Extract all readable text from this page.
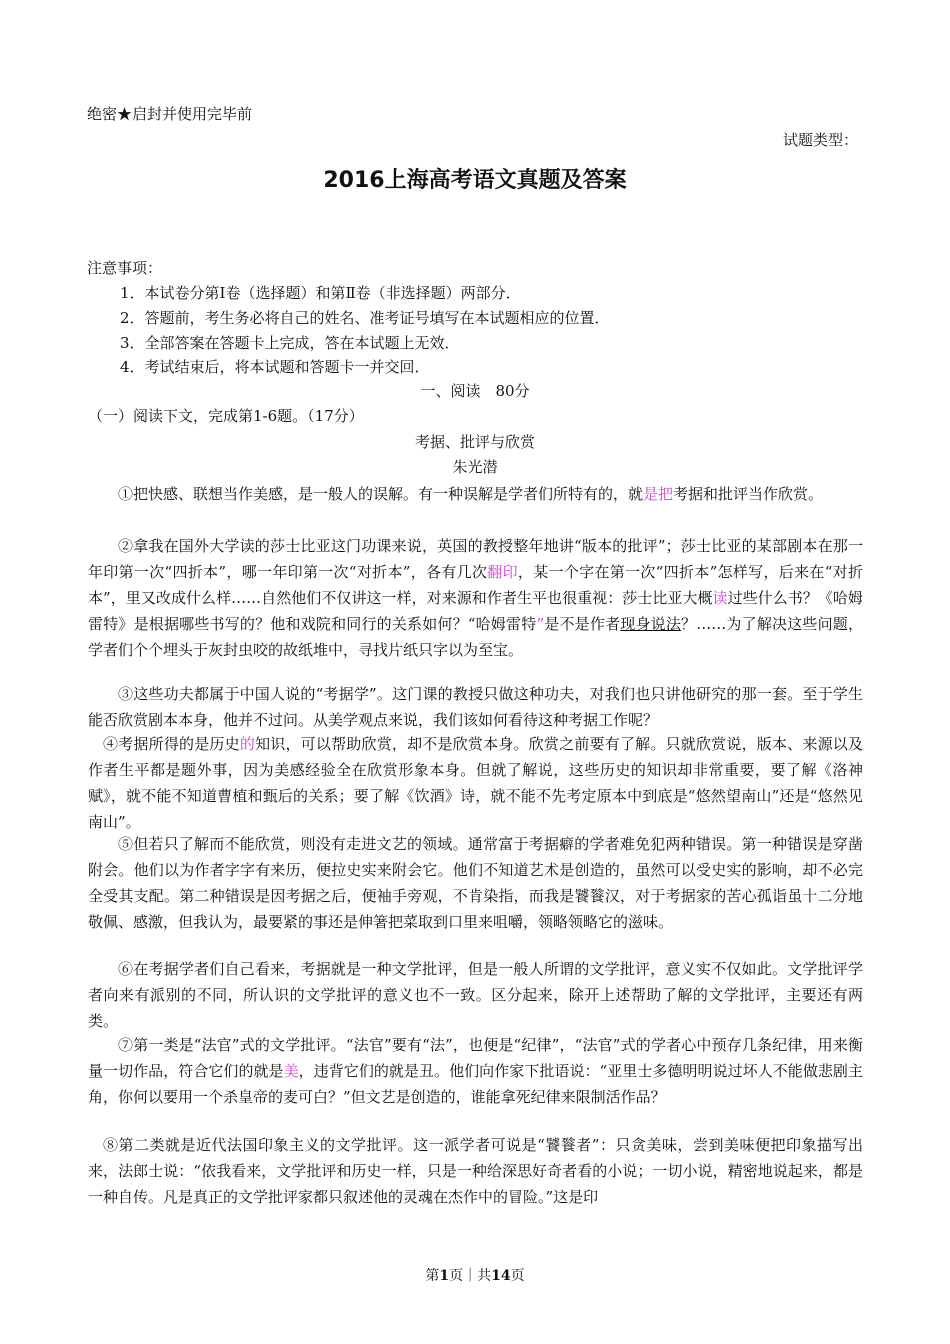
绝密★启封并使用完毕前
试题类型：
2016上海高考语文真题及答案
注意事项：
1．本试卷分第Ⅰ卷（选择题）和第Ⅱ卷（非选择题）两部分．
2．答题前，考生务必将自己的姓名、准考证号填写在本试题相应的位置．
3．全部答案在答题卡上完成，答在本试题上无效．
4．考试结束后，将本试题和答题卡一并交回．
一、阅读　80分
（一）阅读下文，完成第1-6题。（17分）
考据、批评与欣赏
朱光潜
①把快感、联想当作美感，是一般人的误解。有一种误解是学者们所特有的，就是把考据和批评当作欣赏。
②拿我在国外大学读的莎士比亚这门功课来说，英国的教授整年地讲“版本的批评”；莎士比亚的某部剧本在那一年印第一次“四折本”，哪一年印第一次“对折本”，各有几次翻印，某一个字在第一次“四折本”怎样写，后来在“对折本”，里又改成什么样……自然他们不仅讲这一样，对来源和作者生平也很重视：莎士比亚大概读过些什么书？《哈姆雷特》是根据哪些书写的？他和戏院和同行的关系如何？“哈姆雷特”是不是作者现身说法？……为了解决这些问题，学者们个个埋头于灰封虫咬的故纸堆中，寻找片纸只字以为至宝。
③这些功夫都属于中国人说的“考据学”。这门课的教授只做这种功夫，对我们也只讲他研究的那一套。至于学生能否欣赏剧本本身，他并不过问。从美学观点来说，我们该如何看待这种考据工作呢？
④考据所得的是历史的知识，可以帮助欣赏，却不是欣赏本身。欣赏之前要有了解。只就欣赏说，版本、来源以及作者生平都是题外事，因为美感经验全在欣赏形象本身。但就了解说，这些历史的知识却非常重要，要了解《洛神赋》，就不能不知道曹植和甄后的关系；要了解《饮酒》诗，就不能不先考定原本中到底是“悠然望南山”还是“悠然见南山”。
⑤但若只了解而不能欣赏，则没有走进文艺的领域。通常富于考据癖的学者难免犯两种错误。第一种错误是穿凿附会。他们以为作者字字有来历，便拉史实来附会它。他们不知道艺术是创造的，虽然可以受史实的影响，却不必完全受其支配。第二种错误是因考据之后，便袖手旁观，不肯染指，而我是饕餮汉，对于考据家的苦心孤诣虽十二分地敬佩、感激，但我认为，最要紧的事还是伸箸把菜取到口里来咀嚼，领略领略它的滋味。
⑥在考据学者们自己看来，考据就是一种文学批评，但是一般人所谓的文学批评，意义实不仅如此。文学批评学者向来有派别的不同，所认识的文学批评的意义也不一致。区分起来，除开上述帮助了解的文学批评，主要还有两类。
⑦第一类是“法官”式的文学批评。“法官”要有“法”，也便是“纪律”，“法官”式的学者心中预存几条纪律，用来衡量一切作品，符合它们的就是美，违背它们的就是丑。他们向作家下批语说：“亚里士多德明明说过坏人不能做悲剧主角，你何以要用一个杀皇帝的麦可白？”但文艺是创造的，谁能拿死纪律来限制活作品？
⑧第二类就是近代法国印象主义的文学批评。这一派学者可说是“饕餮者”：只贪美味，尝到美味便把印象描写出来，法郎士说：“依我看来，文学批评和历史一样，只是一种给深思好奇者看的小说；一切小说，精密地说起来，都是一种自传。凡是真正的文学批评家都只叙述他的灵魂在杰作中的冒险。”这是印
第1页｜共14页
